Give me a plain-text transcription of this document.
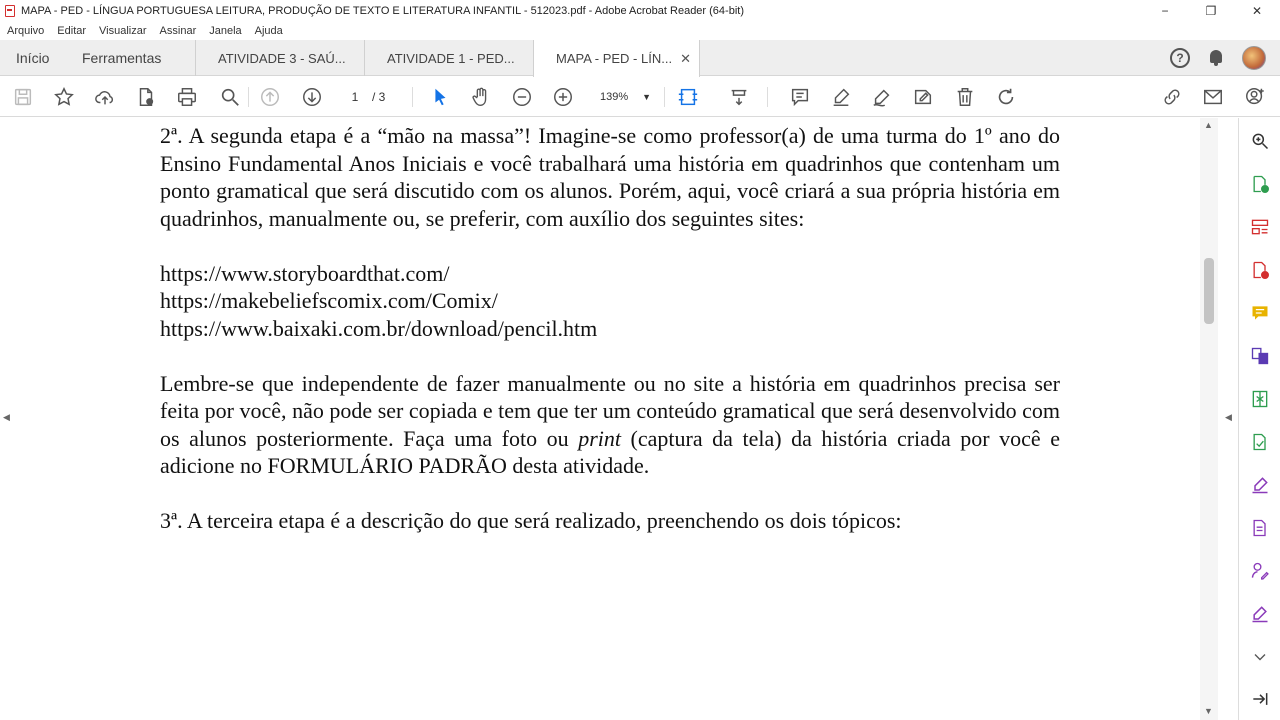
MAPA - PED - LÍNGUA PORTUGUESA LEITURA, PRODUÇÃO DE TEXTO E LITERATURA INFANTIL - 512023.pdf - Adobe Acrobat Reader (64-bit)	−	❐	✕
Arquivo Editar Visualizar Assinar Janela Ajuda
Início Ferramentas	ATIVIDADE 3 - SAÚ...	ATIVIDADE 1 - PED...	MAPA - PED - LÍN... ✕	?
1	/ 3	139% ▼
◀	◀

2ª. A segunda etapa é a “mão na massa”! Imagine-se como professor(a) de uma turma do 1º ano do Ensino Fundamental Anos Iniciais e você trabalhará uma história em quadrinhos que contenham um ponto gramatical que será discutido com os alunos. Porém, aqui, você criará a sua própria história em quadrinhos, manualmente ou, se preferir, com auxílio dos seguintes sites:

https://www.storyboardthat.com/

https://makebeliefscomix.com/Comix/

https://www.baixaki.com.br/download/pencil.htm

Lembre-se que independente de fazer manualmente ou no site a história em quadrinhos precisa ser feita por você, não pode ser copiada e tem que ter um conteúdo gramatical que será desenvolvido com os alunos posteriormente. Faça uma foto ou print (captura da tela) da história criada por você e adicione no FORMULÁRIO PADRÃO desta atividade.

3ª. A terceira etapa é a descrição do que será realizado, preenchendo os dois tópicos:

▲
▼
